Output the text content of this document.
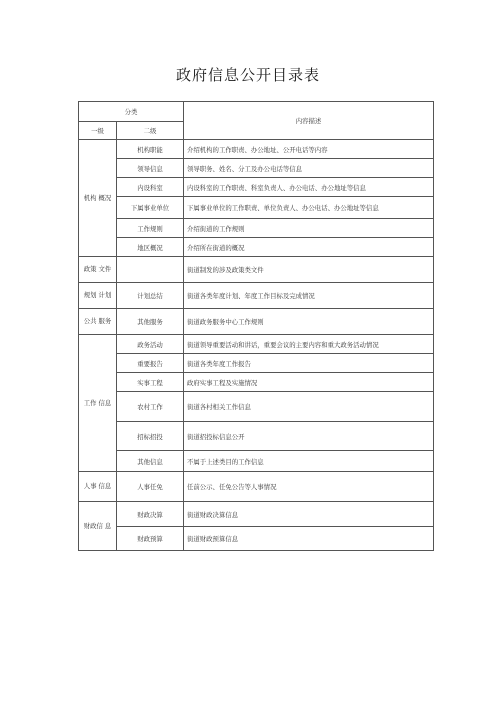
政府信息公开目录表
分类		内容描述
一级	二级	
机构 概况	机构职能	介绍机构的工作职责、办公地址、公开电话等内容
	领导信息	领导职务、姓名、分工及办公电话等信息
	内设科室	内设科室的工作职责、科室负责人、办公电话、办公地址等信息
	下属事业单位	下属事业单位的工作职责、单位负责人、办公电话、办公地址等信息
	工作规则	介绍街道的工作规则
	地区概况	介绍所在街道的概况
政策 文件		街道制发的涉及政策类文件
规划 计划	计划总结	街道各类年度计划、年度工作目标及完成情况
公共 服务	其他服务	街道政务服务中心工作规则
工作 信息	政务活动	街道领导重要活动和讲话，重要会议的主要内容和重大政务活动情况
	重要报告	街道各类年度工作报告
	实事工程	政府实事工程及实施情况
	农村工作	街道各村相关工作信息
	招标招投	街道招投标信息公开
	其他信息	不属于上述类目的工作信息
人事 信息	人事任免	任前公示、任免公告等人事情况
财政信 息	财政决算	街道财政决算信息
	财政预算	街道财政预算信息
